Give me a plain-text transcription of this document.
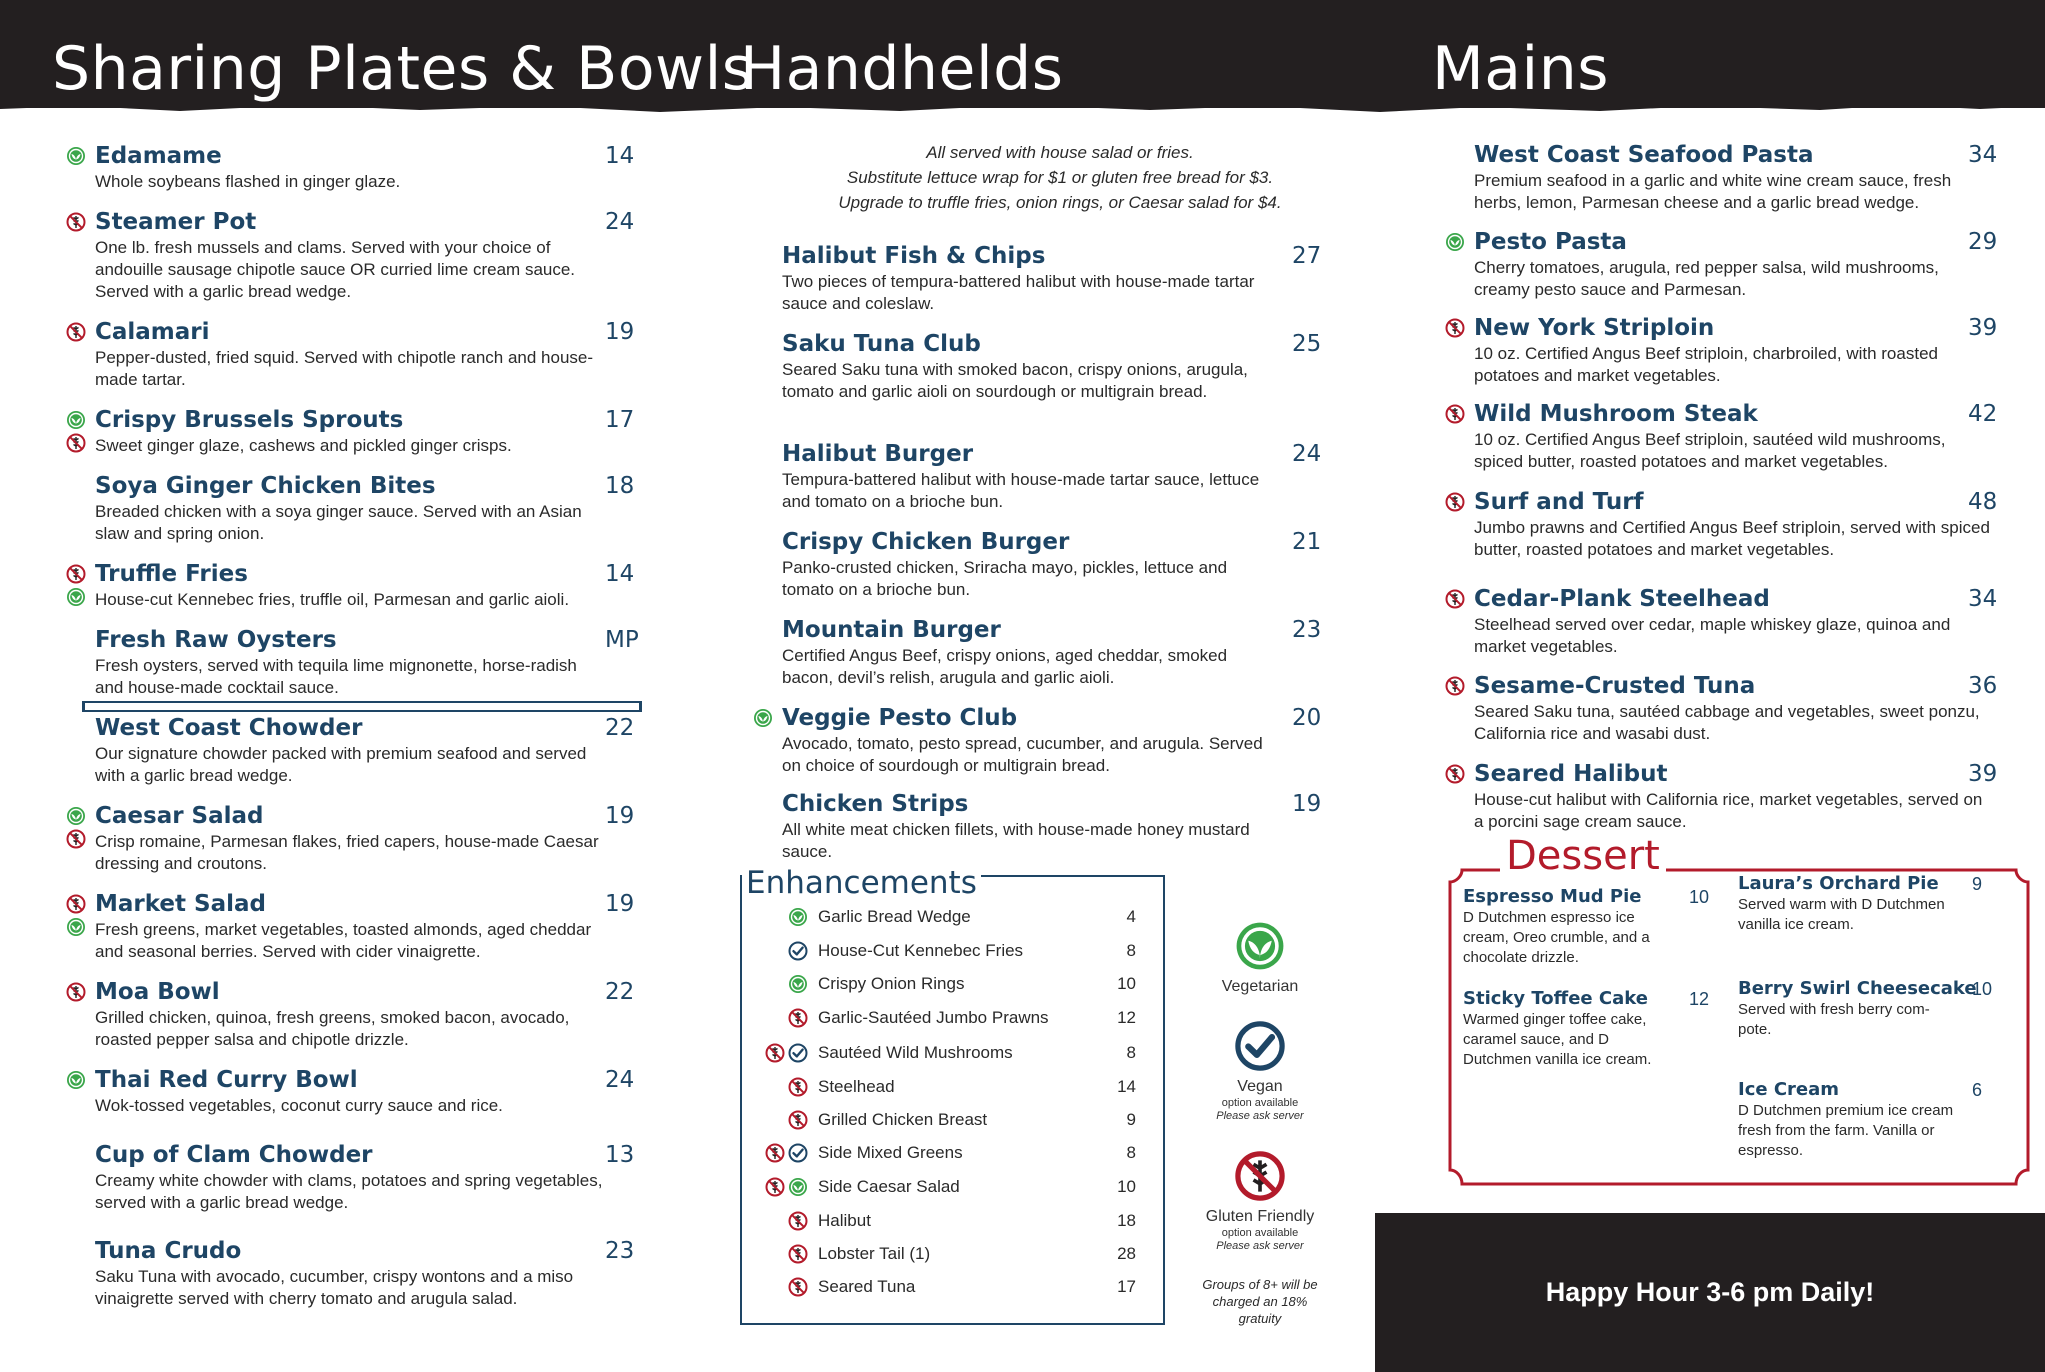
Sharing Plates & Bowls
Handhelds	Mains
Edamame	14
Whole soybeans flashed in ginger glaze.
Steamer Pot	24
One lb. fresh mussels and clams. Served with your choice of andouille sausage chipotle sauce OR curried lime cream sauce. Served with a garlic bread wedge.
Calamari	19
Pepper-dusted, fried squid. Served with chipotle ranch and house-made tartar.
Crispy Brussels Sprouts	17
Sweet ginger glaze, cashews and pickled ginger crisps.
Soya Ginger Chicken Bites	18
Breaded chicken with a soya ginger sauce. Served with an Asian slaw and spring onion.
Truffle Fries	14
House-cut Kennebec fries, truffle oil, Parmesan and garlic aioli.
Fresh Raw Oysters	MP
Fresh oysters, served with tequila lime mignonette, horse-radish and house-made cocktail sauce.
West Coast Chowder	22
Our signature chowder packed with premium seafood and served with a garlic bread wedge.
Caesar Salad	19
Crisp romaine, Parmesan flakes, fried capers, house-made Caesar dressing and croutons.
Market Salad	19
Fresh greens, market vegetables, toasted almonds, aged cheddar and seasonal berries. Served with cider vinaigrette.
Moa Bowl	22
Grilled chicken, quinoa, fresh greens, smoked bacon, avocado, roasted pepper salsa and chipotle drizzle.
Thai Red Curry Bowl	24
Wok-tossed vegetables, coconut curry sauce and rice.
Cup of Clam Chowder	13
Creamy white chowder with clams, potatoes and spring vegetables, served with a garlic bread wedge.
Tuna Crudo	23
Saku Tuna with avocado, cucumber, crispy wontons and a miso vinaigrette served with cherry tomato and arugula salad.
All served with house salad or fries.
Substitute lettuce wrap for $1 or gluten free bread for $3.
Upgrade to truffle fries, onion rings, or Caesar salad for $4.
Halibut Fish & Chips	27
Two pieces of tempura-battered halibut with house-made tartar sauce and coleslaw.
Saku Tuna Club	25
Seared Saku tuna with smoked bacon, crispy onions, arugula, tomato and garlic aioli on sourdough or multigrain bread.
Halibut Burger	24
Tempura-battered halibut with house-made tartar sauce, lettuce and tomato on a brioche bun.
Crispy Chicken Burger	21
Panko-crusted chicken, Sriracha mayo, pickles, lettuce and tomato on a brioche bun.
Mountain Burger	23
Certified Angus Beef, crispy onions, aged cheddar, smoked bacon, devil’s relish, arugula and garlic aioli.
Veggie Pesto Club	20
Avocado, tomato, pesto spread, cucumber, and arugula. Served on choice of sourdough or multigrain bread.
Chicken Strips	19
All white meat chicken fillets, with house-made honey mustard sauce.
Enhancements
Garlic Bread Wedge	4
House-Cut Kennebec Fries	8
Crispy Onion Rings	10
Garlic-Sautéed Jumbo Prawns	12
Sautéed Wild Mushrooms	8
Steelhead	14
Grilled Chicken Breast	9
Side Mixed Greens	8
Side Caesar Salad	10
Halibut	18
Lobster Tail (1)	28
Seared Tuna	17
Vegetarian
Vegan
option available
Please ask server
Gluten Friendly
option available
Please ask server
Groups of 8+ will be charged an 18% gratuity
West Coast Seafood Pasta	34
Premium seafood in a garlic and white wine cream sauce, fresh herbs, lemon, Parmesan cheese and a garlic bread wedge.
Pesto Pasta	29
Cherry tomatoes, arugula, red pepper salsa, wild mushrooms, creamy pesto sauce and Parmesan.
New York Striploin	39
10 oz. Certified Angus Beef striploin, charbroiled, with roasted potatoes and market vegetables.
Wild Mushroom Steak	42
10 oz. Certified Angus Beef striploin, sautéed wild mushrooms, spiced butter, roasted potatoes and market vegetables.
Surf and Turf	48
Jumbo prawns and Certified Angus Beef striploin, served with spiced butter, roasted potatoes and market vegetables.
Cedar-Plank Steelhead	34
Steelhead served over cedar, maple whiskey glaze, quinoa and market vegetables.
Sesame-Crusted Tuna	36
Seared Saku tuna, sautéed cabbage and vegetables, sweet ponzu, California rice and wasabi dust.
Seared Halibut	39
House-cut halibut with California rice, market vegetables, served on a porcini sage cream sauce.
Dessert
Espresso Mud Pie	10
D Dutchmen espresso ice cream, Oreo crumble, and a chocolate drizzle.
Sticky Toffee Cake	12
Warmed ginger toffee cake, caramel sauce, and D Dutchmen vanilla ice cream.
Laura’s Orchard Pie	9
Served warm with D Dutchmen vanilla ice cream.
Berry Swirl Cheesecake
10
Served with fresh berry com-pote.
Ice Cream	6
D Dutchmen premium ice cream fresh from the farm. Vanilla or espresso.
Happy Hour 3-6 pm Daily!
